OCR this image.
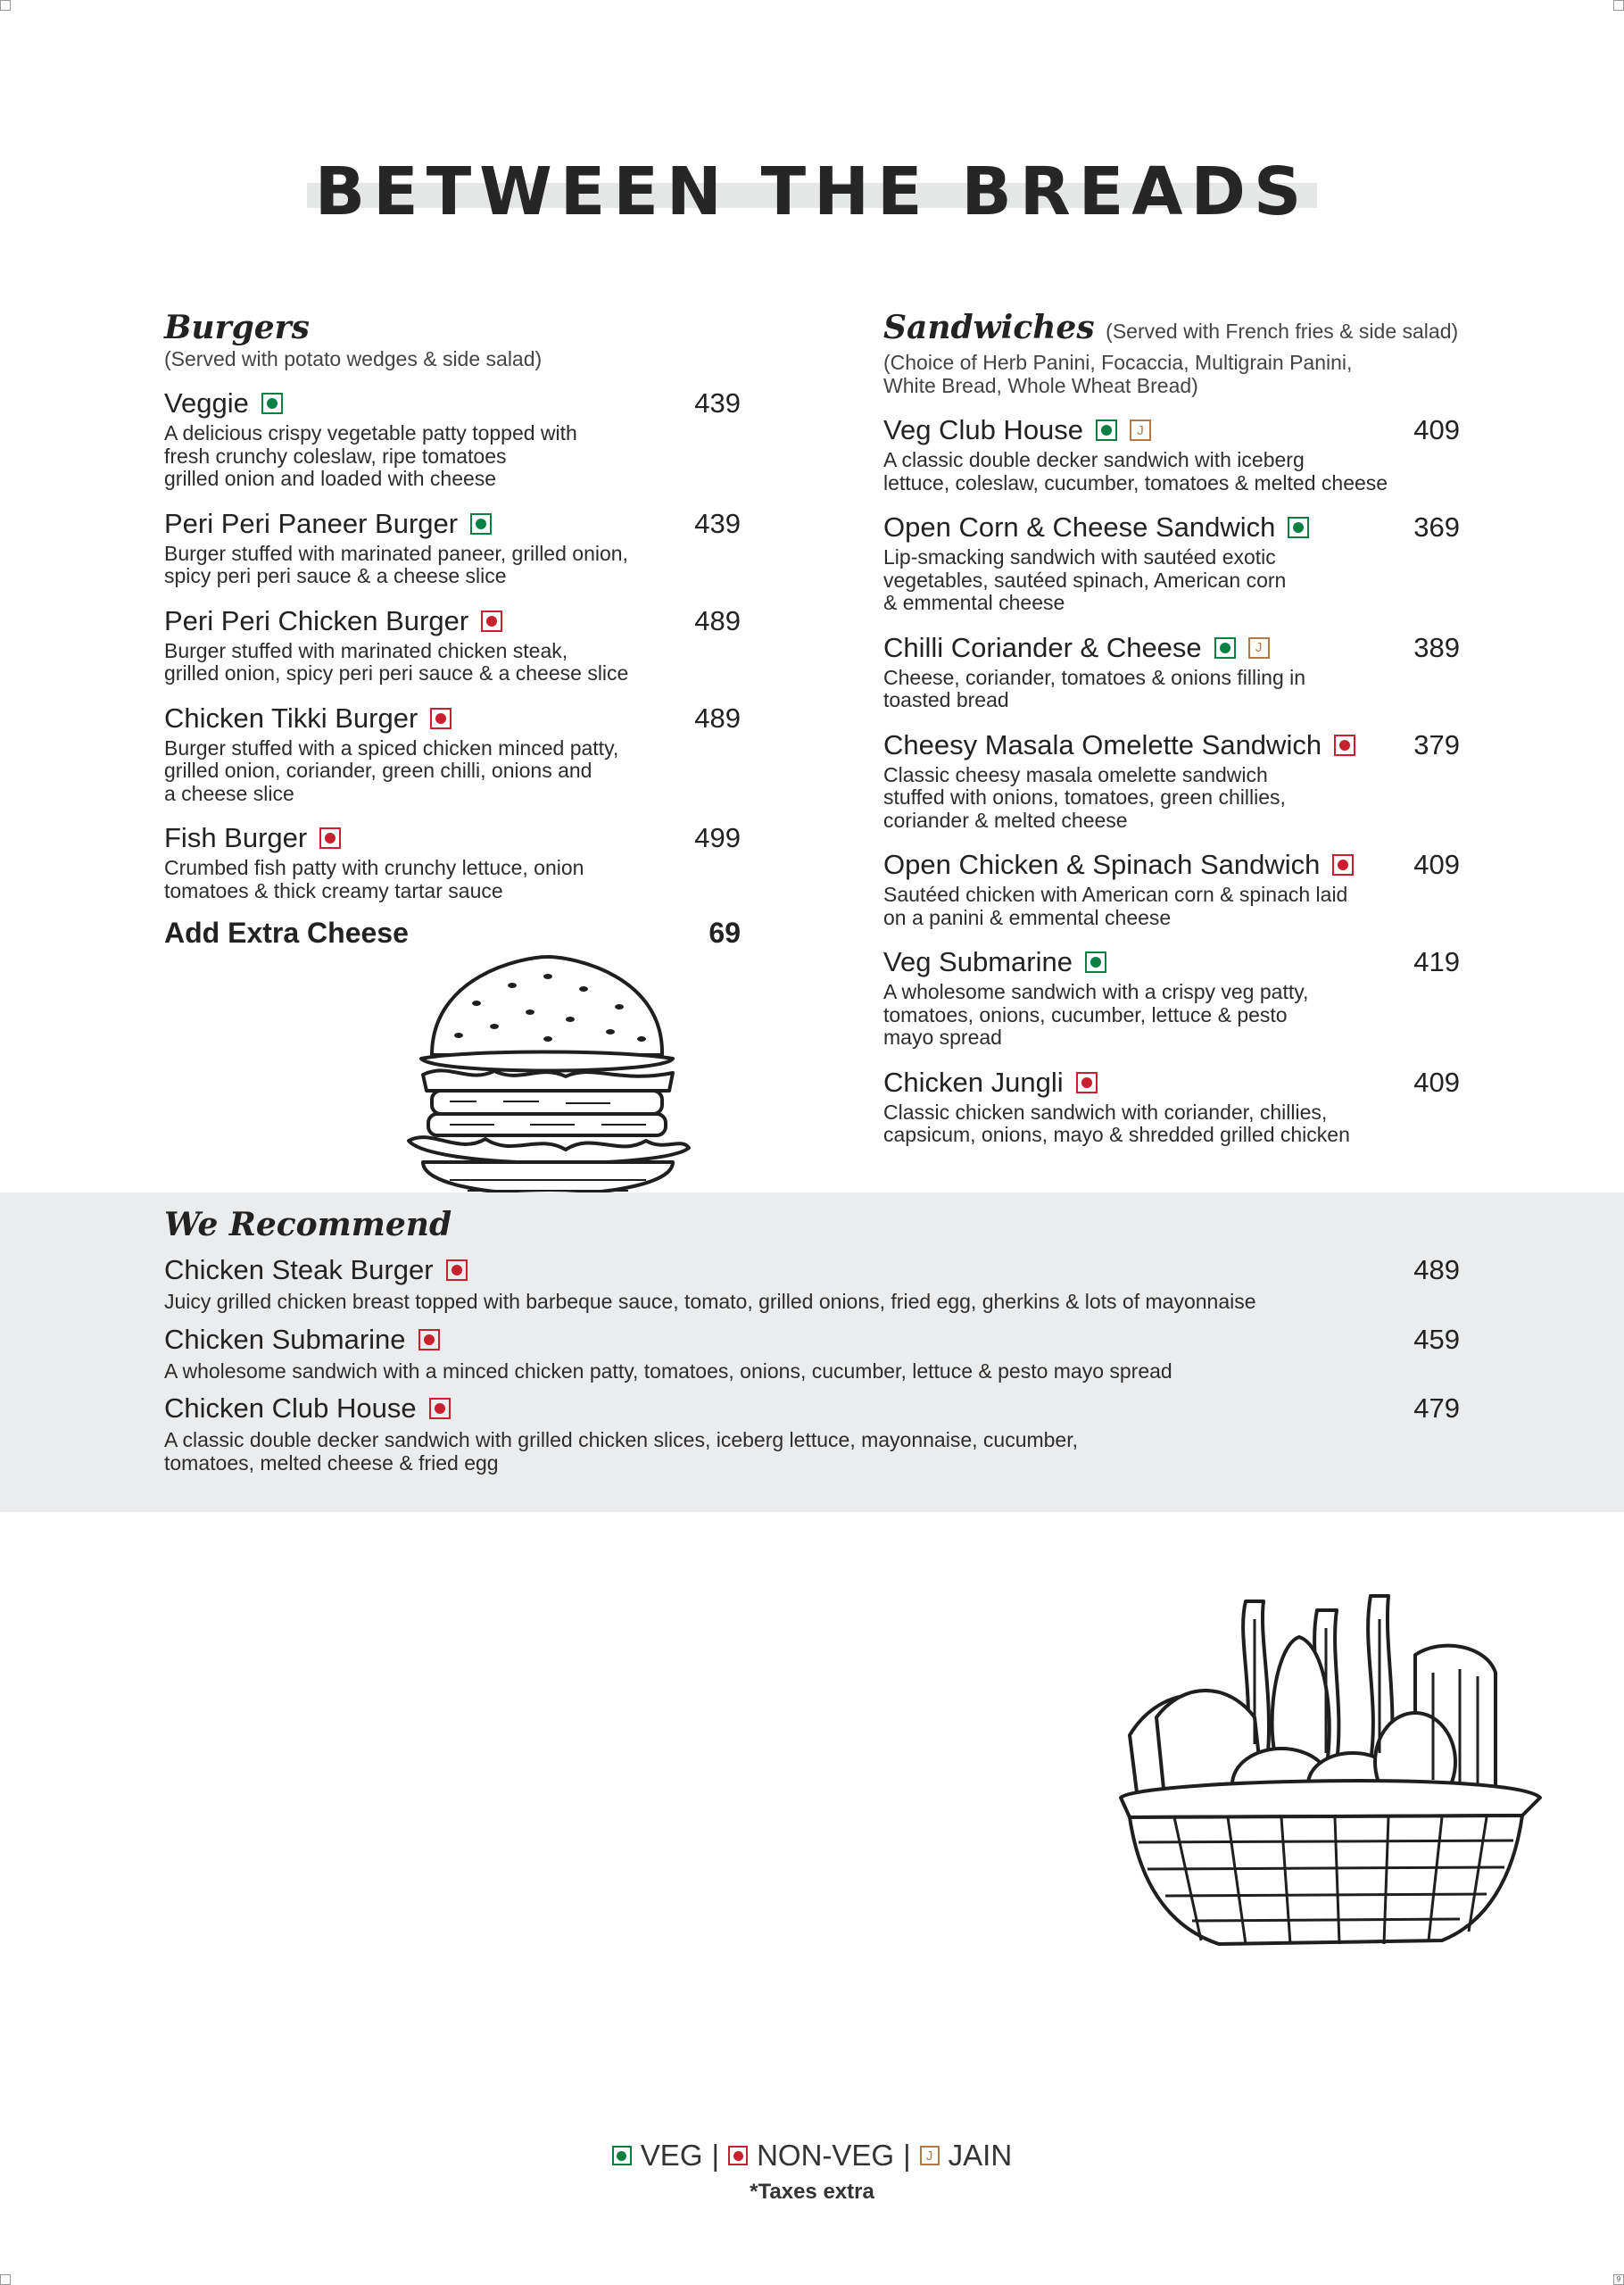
9
BETWEEN THE BREADS
Burgers
(Served with potato wedges & side salad)
Veggie	439
A delicious crispy vegetable patty topped with
fresh crunchy coleslaw, ripe tomatoes
grilled onion and loaded with cheese
Peri Peri Paneer Burger	439
Burger stuffed with marinated paneer, grilled onion,
spicy peri peri sauce & a cheese slice
Peri Peri Chicken Burger	489
Burger stuffed with marinated chicken steak,
grilled onion, spicy peri peri sauce & a cheese slice
Chicken Tikki Burger	489
Burger stuffed with a spiced chicken minced patty,
grilled onion, coriander, green chilli, onions and
a cheese slice
Fish Burger	499
Crumbed fish patty with crunchy lettuce, onion
tomatoes & thick creamy tartar sauce
Add Extra Cheese	69
Sandwiches (Served with French fries & side salad)
(Choice of Herb Panini, Focaccia, Multigrain Panini,
White Bread, Whole Wheat Bread)
Veg Club House	J	409
A classic double decker sandwich with iceberg
lettuce, coleslaw, cucumber, tomatoes & melted cheese
Open Corn & Cheese Sandwich	369
Lip-smacking sandwich with sautéed exotic
vegetables, sautéed spinach, American corn
& emmental cheese
Chilli Coriander & Cheese	J	389
Cheese, coriander, tomatoes & onions filling in
toasted bread
Cheesy Masala Omelette Sandwich	379
Classic cheesy masala omelette sandwich
stuffed with onions, tomatoes, green chillies,
coriander & melted cheese
Open Chicken & Spinach Sandwich	409
Sautéed chicken with American corn & spinach laid
on a panini & emmental cheese
Veg Submarine	419
A wholesome sandwich with a crispy veg patty,
tomatoes, onions, cucumber, lettuce & pesto
mayo spread
Chicken Jungli	409
Classic chicken sandwich with coriander, chillies,
capsicum, onions, mayo & shredded grilled chicken
We Recommend
Chicken Steak Burger	489
Juicy grilled chicken breast topped with barbeque sauce, tomato, grilled onions, fried egg, gherkins & lots of mayonnaise
Chicken Submarine	459
A wholesome sandwich with a minced chicken patty, tomatoes, onions, cucumber, lettuce & pesto mayo spread
Chicken Club House	479
A classic double decker sandwich with grilled chicken slices, iceberg lettuce, mayonnaise, cucumber,
tomatoes, melted cheese & fried egg
VEG | NON-VEG |	J JAIN
*Taxes extra
